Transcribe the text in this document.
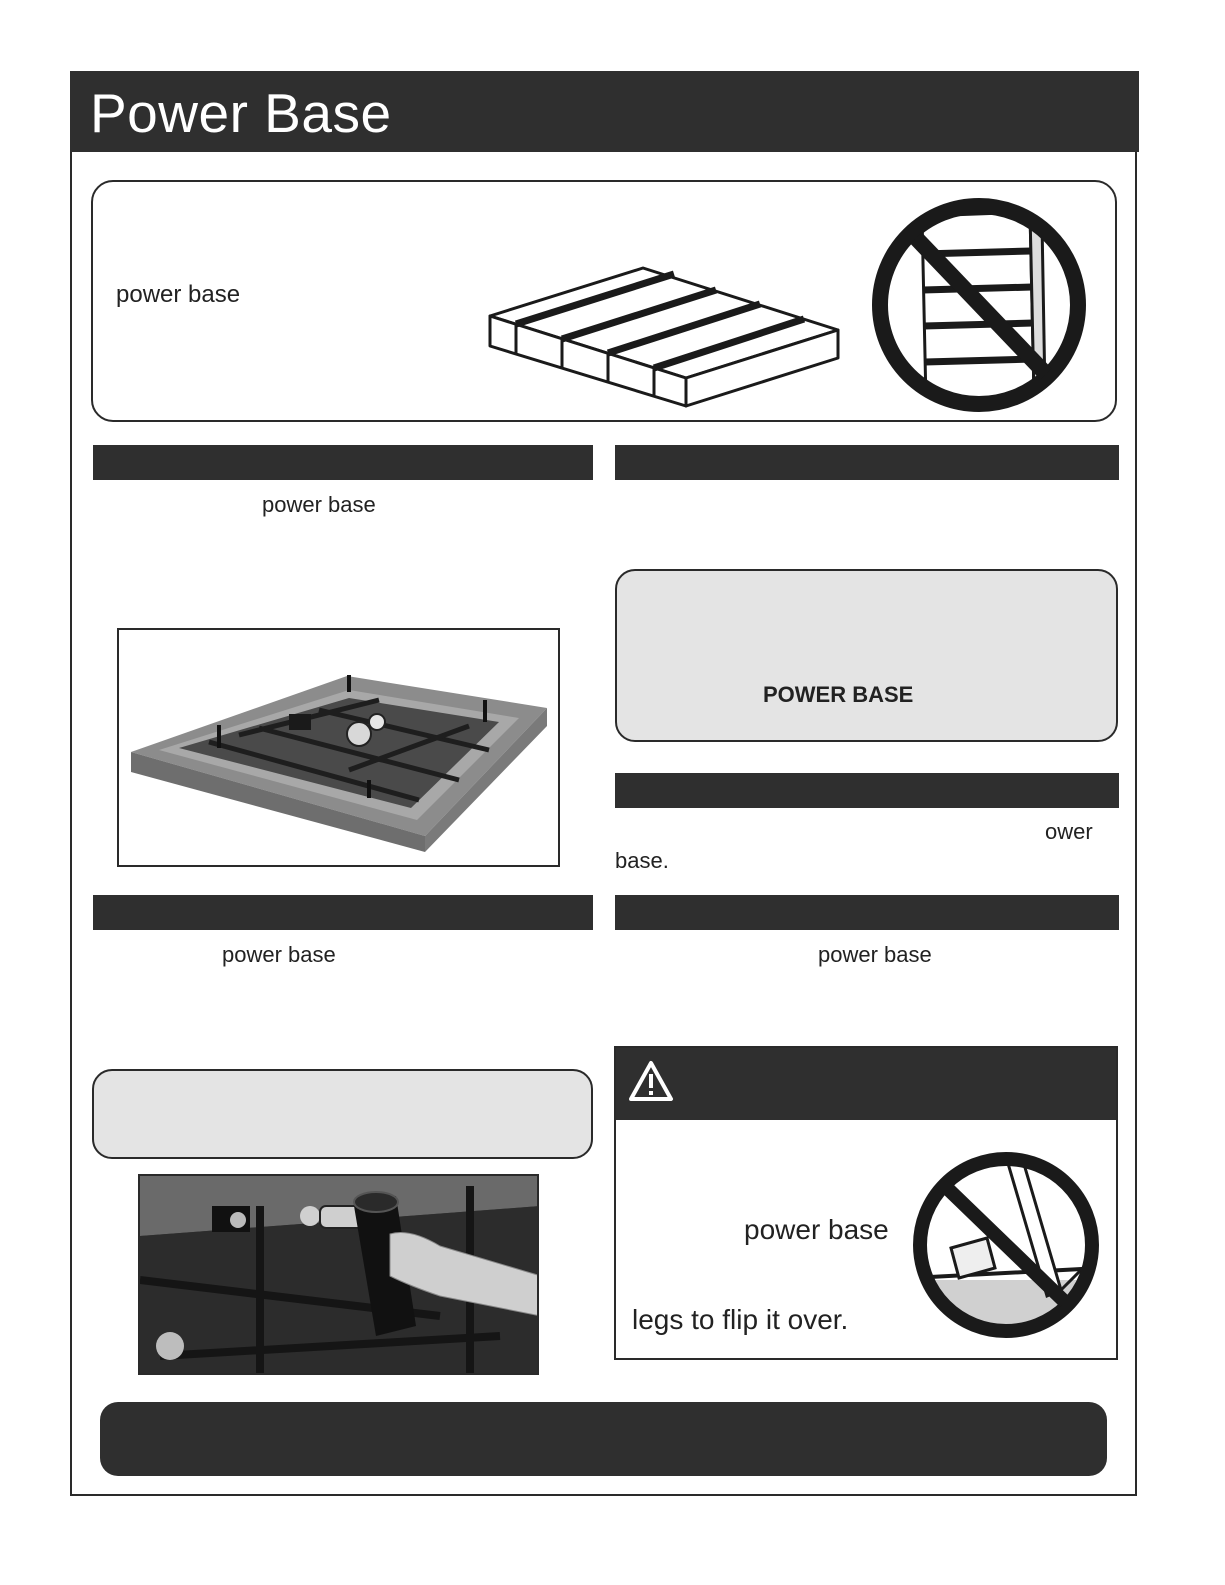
Power Base
power base
power base
POWER BASE
ower
base.
power base	power base
power base
legs to flip it over.
